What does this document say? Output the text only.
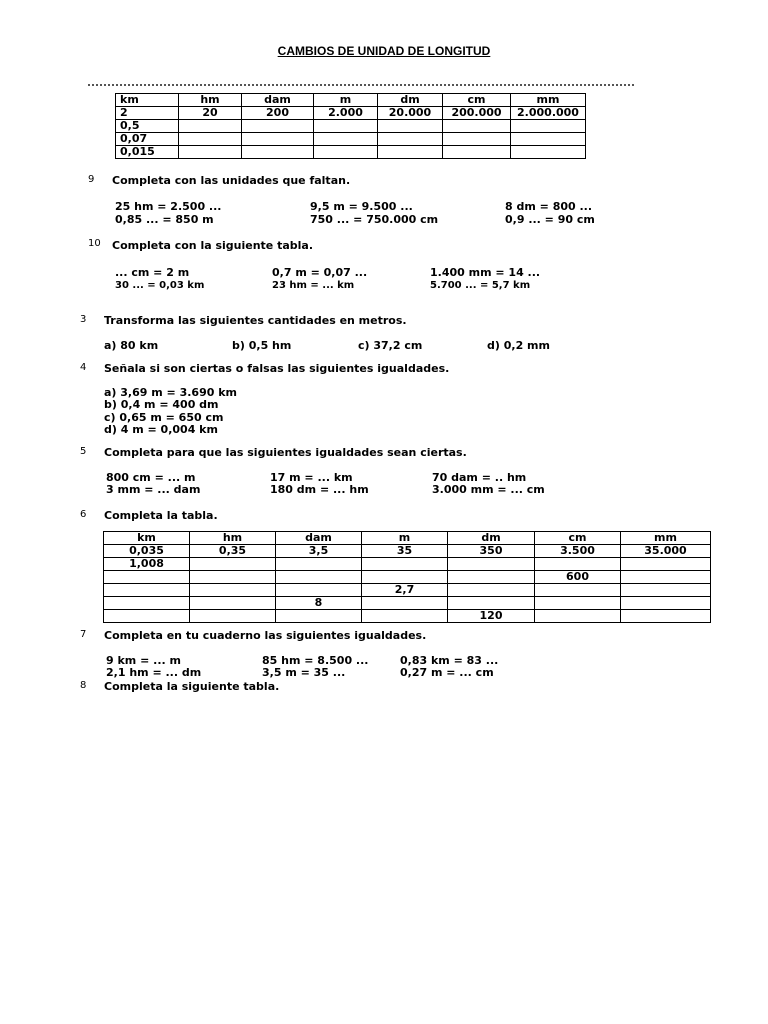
CAMBIOS DE UNIDAD DE LONGITUD
km	hm	dam	m	dm	cm	mm
2	20	200	2.000	20.000	200.000	2.000.000
0,5						
0,07						
0,015						
9 Completa con las unidades que faltan.
25 hm = 2.500 ...	9,5 m = 9.500 ...	8 dm = 800 ...
0,85 ... = 850 m	750 ... = 750.000 cm	0,9 ... = 90 cm
10 Completa con la siguiente tabla.
... cm = 2 m	0,7 m = 0,07 ...	1.400 mm = 14 ...
30 ... = 0,03 km	23 hm = ... km	5.700 ... = 5,7 km
3 Transforma las siguientes cantidades en metros.
a) 80 km	b) 0,5 hm	c) 37,2 cm	d) 0,2 mm
4 Señala si son ciertas o falsas las siguientes igualdades.
a) 3,69 m = 3.690 km
b) 0,4 m = 400 dm
c) 0,65 m = 650 cm
d) 4 m = 0,004 km
5 Completa para que las siguientes igualdades sean ciertas.
800 cm = ... m	17 m = ... km	70 dam = .. hm
3 mm = ... dam	180 dm = ... hm	3.000 mm = ... cm
6 Completa la tabla.
km	hm	dam	m	dm	cm	mm
0,035	0,35	3,5	35	350	3.500	35.000
1,008						
					600	
			2,7			
		8				
				120		
7 Completa en tu cuaderno las siguientes igualdades.
9 km = ... m	85 hm = 8.500 ...	0,83 km = 83 ...
2,1 hm = ... dm	3,5 m = 35 ...	0,27 m = ... cm
8 Completa la siguiente tabla.
